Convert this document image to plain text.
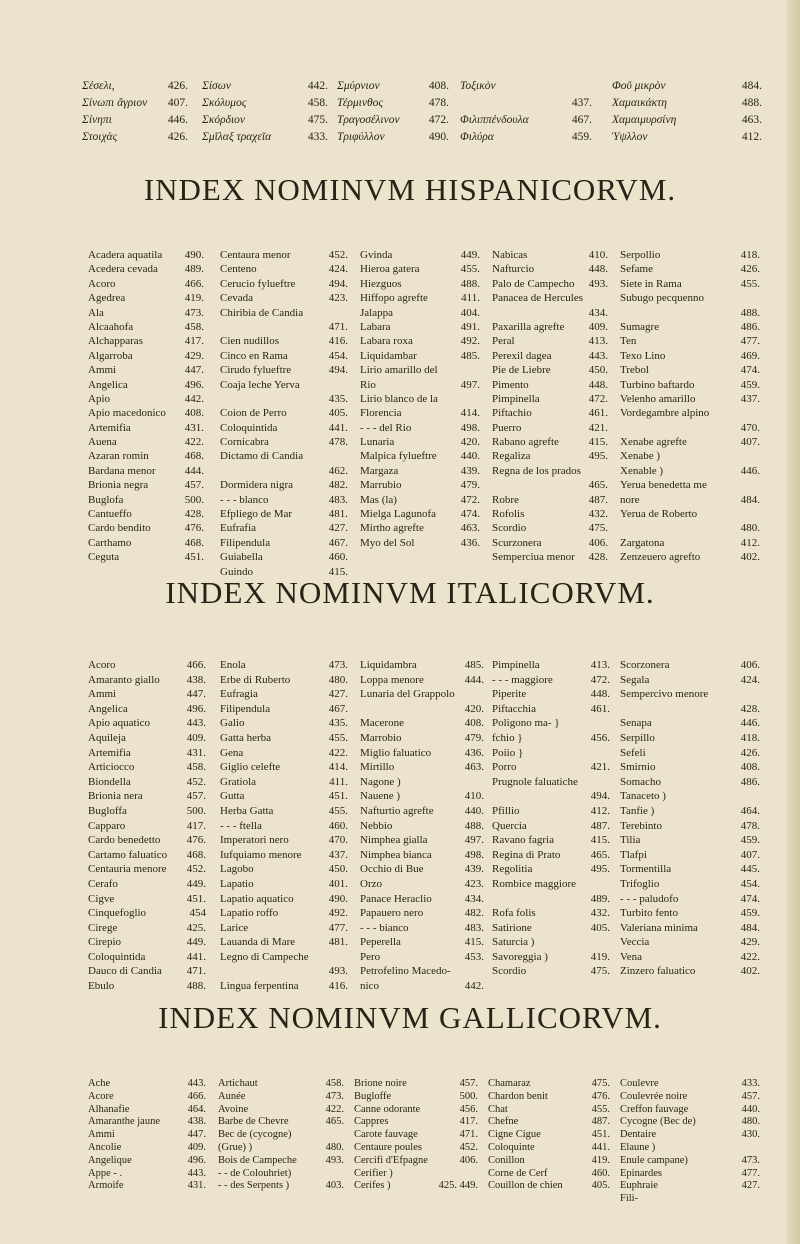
Σέσελι,	426.
Σίνωπι ἄγριον 407.
Σίνηπι	446.
Στοιχὰς	426.
Σίσων	442.
Σκόλυμος	458.
Σκόρδιον	475.
Σμῖλαξ τραχεῖα	433.
Σμύρνιον	408.
Τέρμινθος	478.
Τραγοσέλινον	472.
Τριφύλλον	490.
Τοξικὸν
437.
Φιλιππένδουλα	467.
Φιλύρα	459.
Φοῦ μικρὸν	484.
Χαμαικάκτη	488.
Χαμαιμυρσίνη	463.
Ὑψλλον	412.
INDEX NOMINVM HISPANICORVM.
Acadera aquatila 490.
Acedera cevada 489.
Acoro	466.
Agedrea	419.
Ala	473.
Alcaahofa	458.
Alchapparas	417.
Algarroba	429.
Ammi	447.
Angelica	496.
Apio	442.
Apio macedonico 408.
Artemifia	431.
Auena	422.
Azaran romin	468.
Bardana menor	444.
Brionia negra	457.
Buglofa	500.
Cantueffo	428.
Cardo bendito	476.
Carthamo	468.
Ceguta	451.
Centaura menor	452.
Centeno	424.
Cerucio fylueftre	494.
Cevada	423.
Chiribia de Candia
471.
Cien nudillos	416.
Cinco en Rama	454.
Cirudo fylueftre	494.
Coaja leche Yerva
435.
Coion de Perro	405.
Coloquintida	441.
Cornicabra	478.
Dictamo di Candia
462.
Dormidera nigra	482.
- - - blanco	483.
Efpliego de Mar	481.
Eufrafia	427.
Filipendula	467.
Guiabella	460.
Guindo	415.
Gvinda	449.
Hieroa gatera	455.
Hiezguos	488.
Hiffopo agrefte	411.
Jalappa	404.
Labara	491.
Labara roxa	492.
Liquidambar	485.
Lirio amarillo del
Rio	497.
Lirio blanco de la
Florencia	414.
- - - del Rio	498.
Lunaria	420.
Malpica fylueftre 440.
Margaza	439.
Marrubio	479.
Mas (la)	472.
Mielga Lagunofa 474.
Mirtho agrefte	463.
Myo del Sol	436.
Nabicas	410.
Nafturcio	448.
Palo de Campecho 493.
Panacea de Hercules
434.
Paxarilla agrefte 409.
Peral	413.
Perexil dagea	443.
Pie de Liebre	450.
Pimento	448.
Pimpinella	472.
Piftachio	461.
Puerro	421.
Rabano agrefte	415.
Regaliza	495.
Regna de los prados
465.
Robre	487.
Rofolis	432.
Scordio	475.
Scurzonera	406.
Semperciua menor 428.
Serpollio	418.
Sefame	426.
Siete in Rama	455.
Subugo pecquenno
488.
Sumagre	486.
Ten	477.
Texo Lino	469.
Trebol	474.
Turbino baftardo	459.
Velenho amarillo	437.
Vordegambre alpino
470.
Xenabe agrefte	407.
Xenabe )
Xenable )	446.
Yerua benedetta me
nore	484.
Yerua de Roberto
480.
Zargatona	412.
Zenzeuero agrefto	402.
INDEX NOMINVM ITALICORVM.
Acoro	466.
Amaranto giallo 438.
Ammi	447.
Angelica	496.
Apio aquatico	443.
Aquileja	409.
Artemifia	431.
Articiocco	458.
Biondella	452.
Brionia nera	457.
Bugloffa	500.
Capparo	417.
Cardo benedetto 476.
Cartamo faluatico 468.
Centauria menore 452.
Cerafo	449.
Cigve	451.
Cinquefoglio	454
Cirege	425.
Cirepio	449.
Coloquintida	441.
Dauco di Candia 471.
Ebulo	488.
Enola	473.
Erbe di Ruberto	480.
Eufragia	427.
Filipendula	467.
Galio	435.
Gatta herba	455.
Gena	422.
Giglio celefte	414.
Gratiola	411.
Gutta	451.
Herba Gatta	455.
- - - ftella	460.
Imperatori nero	470.
Iufquiamo menore 437.
Lagobo	450.
Lapatio	401.
Lapatio aquatico	490.
Lapatio roffo	492.
Larice	477.
Lauanda di Mare	481.
Legno di Campeche
493.
Lingua ferpentina	416.
Liquidambra	485.
Loppa menore	444.
Lunaria del Grappolo
420.
Macerone	408.
Marrobio	479.
Miglio faluatico	436.
Mirtillo	463.
Nagone )
Nauene )	410.
Nafturtio agrefte	440.
Nebbio	488.
Nimphea gialla	497.
Nimphea bianca	498.
Occhio di Bue	439.
Orzo	423.
Panace Heraclio	434.
Papauero nero	482.
- - - bianco	483.
Peperella	415.
Pero	453.
Petrofelino Macedo-
nico	442.
Pimpinella	413.
- - - maggiore	472.
Piperite	448.
Piftacchia	461.
Poligono ma- }
fchio }	456.
Poiio }
Porro	421.
Prugnole faluatiche
494.
Pfillio	412.
Quercia	487.
Ravano fagria	415.
Regina di Prato	465.
Regolitia	495.
Rombice maggiore
489.
Rofa folis	432.
Satirione	405.
Saturcia )
Savoreggia )	419.
Scordio	475.
Scorzonera	406.
Segala	424.
Sempercivo menore
428.
Senapa	446.
Serpillo	418.
Sefeli	426.
Smirnio	408.
Somacho	486.
Tanaceto )
Tanfie )	464.
Terebinto	478.
Tilia	459.
Tlafpi	407.
Tormentilla	445.
Trifoglio	454.
- - - paludofo	474.
Turbito fento	459.
Valeriana minima	484.
Veccia	429.
Vena	422.
Zinzero faluatico	402.
INDEX NOMINVM GALLICORVM.
Ache	443.
Acore	466.
Alhanafie	464.
Amaranthe jaune	438.
Ammi	447.
Ancolie	409.
Angelique	496.
Appe - .	443.
Armoife	431.
Artichaut	458.
Aunée	473.
Avoine	422.
Barbe de Chevre	465.
Bec de (cycogne)
(Grue) )	480.
Bois de Campeche	493.
- - de Colouhriet)
- - des Serpents )	403.
Brione noire	457.
Bugloffe	500.
Canne odorante	456.
Cappres	417.
Carote fauvage	471.
Centaure poules	452.
Cercifi d'Efpagne	406.
Cerifier )
Cerifes )	425. 449.
Chamaraz	475.
Chardon benit	476.
Chat	455.
Chefne	487.
Cigne Cigue	451.
Coloquinte	441.
Conillon	419.
Corne de Cerf	460.
Couillon de chien	405.
Coulevre	433.
Coulevrée noire	457.
Creffon fauvage	440.
Cycogne (Bec de)	480.
Dentaire	430.
Elaune )
Enule campane)	473.
Epinardes	477.
Euphraie	427.
Fili-
